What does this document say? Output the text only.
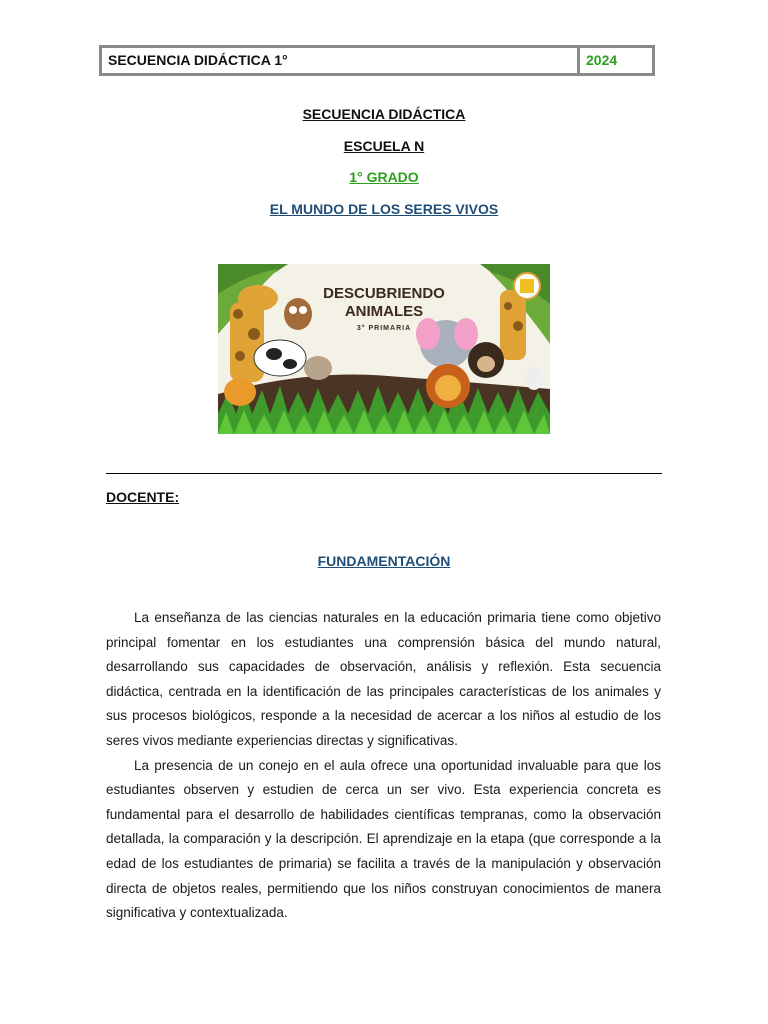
SECUENCIA DIDÁCTICA 1°	2024
SECUENCIA DIDÁCTICA
ESCUELA N
1° GRADO
EL MUNDO DE LOS SERES VIVOS
DESCUBRIENDO
ANIMALES
3° PRIMARIA
DOCENTE:
FUNDAMENTACIÓN

La enseñanza de las ciencias naturales en la educación primaria tiene como objetivo principal fomentar en los estudiantes una comprensión básica del mundo natural, desarrollando sus capacidades de observación, análisis y reflexión. Esta secuencia didáctica, centrada en la identificación de las principales características de los animales y sus procesos biológicos, responde a la necesidad de acercar a los niños al estudio de los seres vivos mediante experiencias directas y significativas.

La presencia de un conejo en el aula ofrece una oportunidad invaluable para que los estudiantes observen y estudien de cerca un ser vivo. Esta experiencia concreta es fundamental para el desarrollo de habilidades científicas tempranas, como la observación detallada, la comparación y la descripción. El aprendizaje en la etapa (que corresponde a la edad de los estudiantes de primaria) se facilita a través de la manipulación y observación directa de objetos reales, permitiendo que los niños construyan conocimientos de manera significativa y contextualizada.
